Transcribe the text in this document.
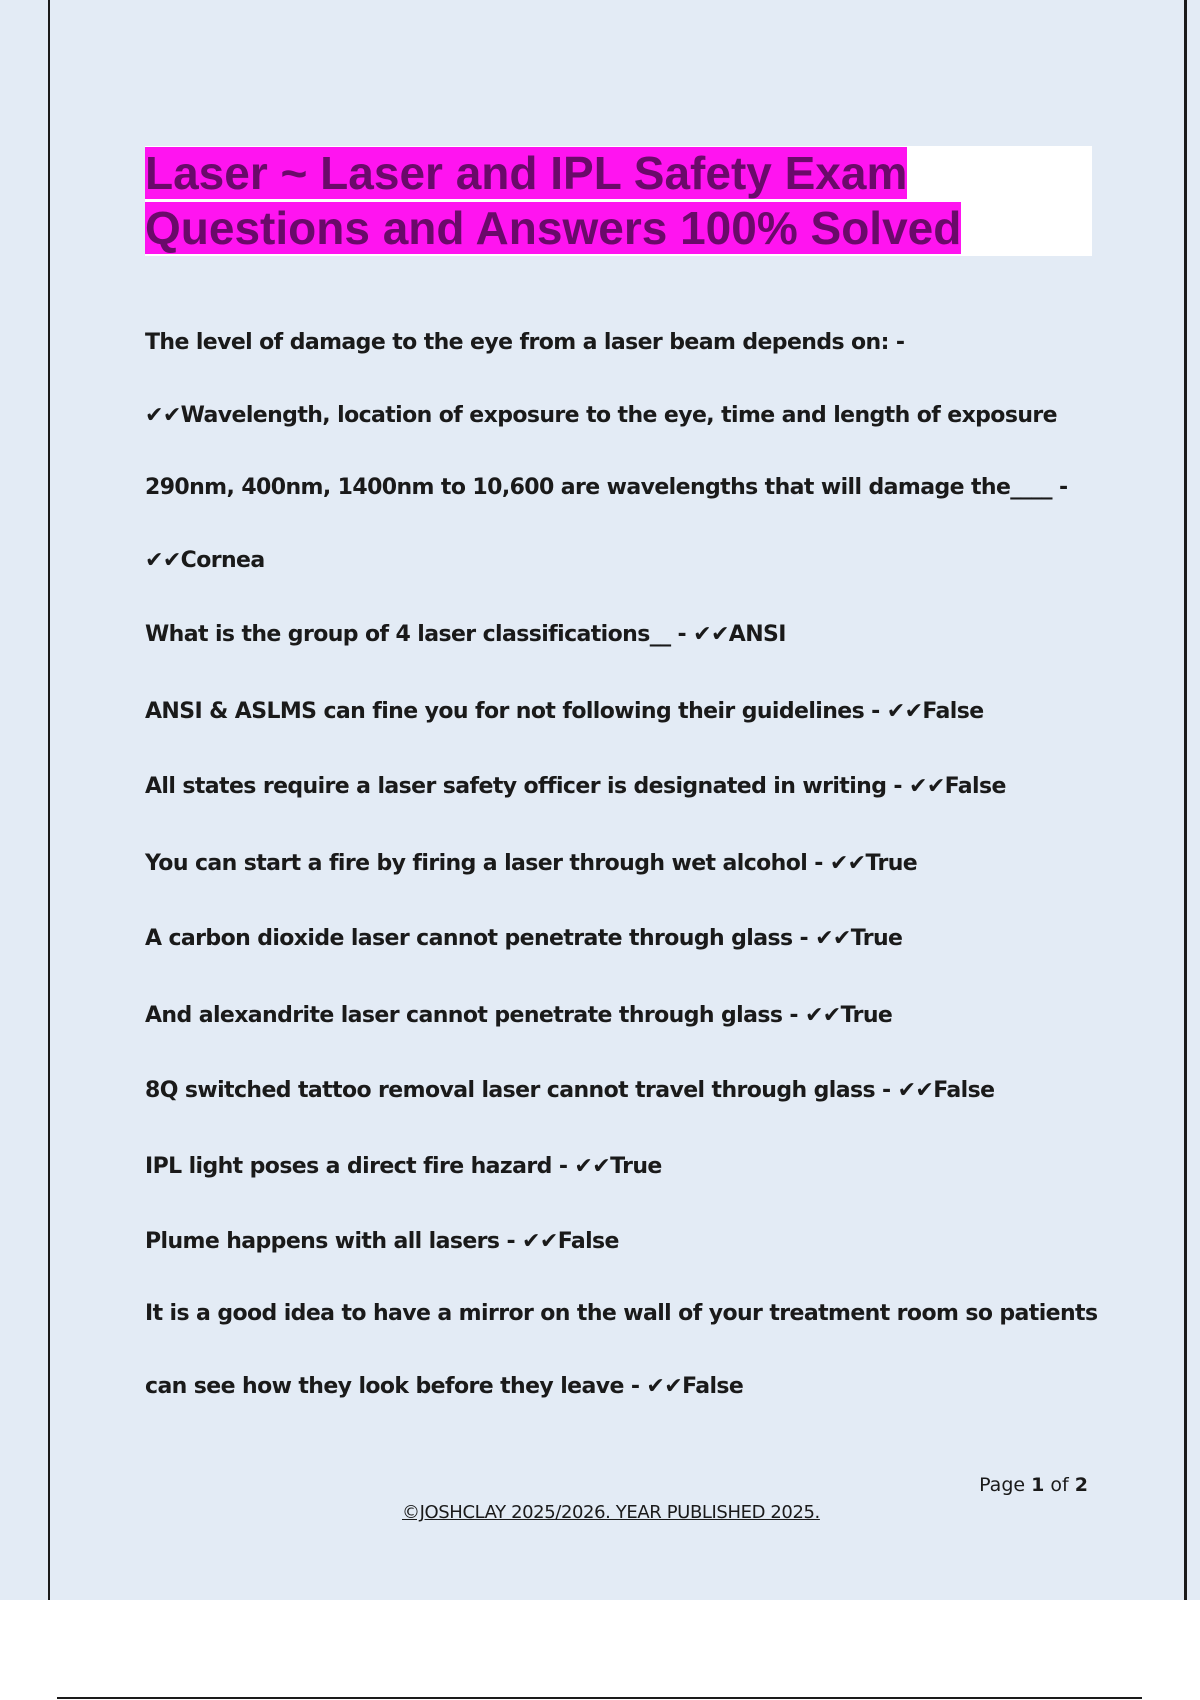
Laser ~ Laser and IPL Safety Exam
Questions and Answers 100% Solved

The level of damage to the eye from a laser beam depends on: -

✔✔Wavelength, location of exposure to the eye, time and length of exposure

290nm, 400nm, 1400nm to 10,600 are wavelengths that will damage the____ -

✔✔Cornea

What is the group of 4 laser classifications__ - ✔✔ANSI

ANSI & ASLMS can fine you for not following their guidelines - ✔✔False

All states require a laser safety officer is designated in writing - ✔✔False

You can start a fire by firing a laser through wet alcohol - ✔✔True

A carbon dioxide laser cannot penetrate through glass - ✔✔True

And alexandrite laser cannot penetrate through glass - ✔✔True

8Q switched tattoo removal laser cannot travel through glass - ✔✔False

IPL light poses a direct fire hazard - ✔✔True

Plume happens with all lasers - ✔✔False

It is a good idea to have a mirror on the wall of your treatment room so patients

can see how they look before they leave - ✔✔False

Page 1 of 2
©JOSHCLAY 2025/2026. YEAR PUBLISHED 2025.
